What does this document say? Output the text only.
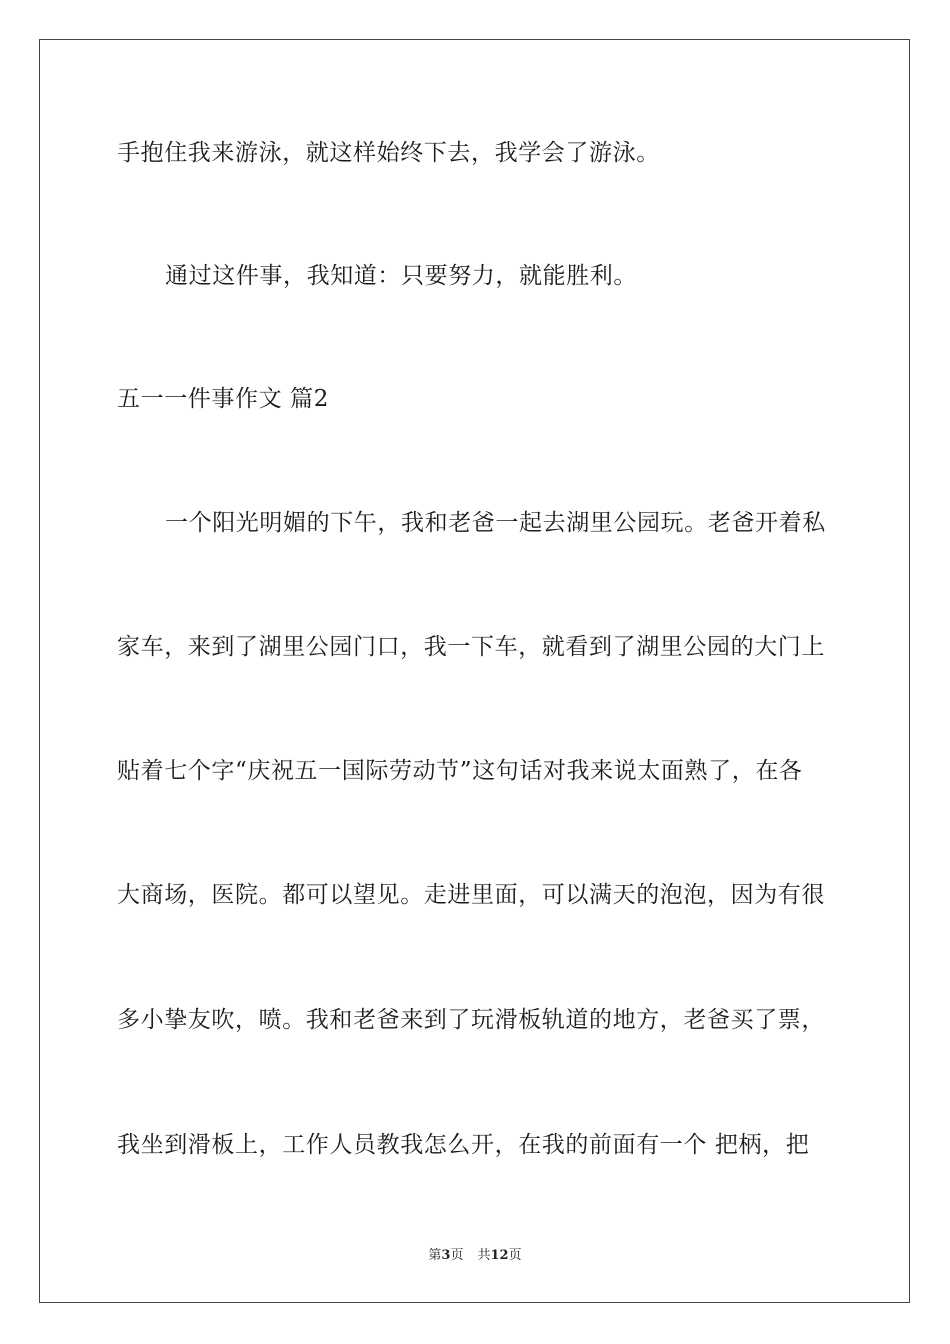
手抱住我来游泳，就这样始终下去，我学会了游泳。
通过这件事，我知道：只要努力，就能胜利。
五一一件事作文 篇2
一个阳光明媚的下午，我和老爸一起去湖里公园玩。老爸开着私
家车，来到了湖里公园门口，我一下车，就看到了湖里公园的大门上
贴着七个字“庆祝五一国际劳动节”这句话对我来说太面熟了，在各
大商场，医院。都可以望见。走进里面，可以满天的泡泡，因为有很
多小挚友吹，喷。我和老爸来到了玩滑板轨道的地方，老爸买了票，
我坐到滑板上，工作人员教我怎么开，在我的前面有一个 把柄，把
第3页 共12页
